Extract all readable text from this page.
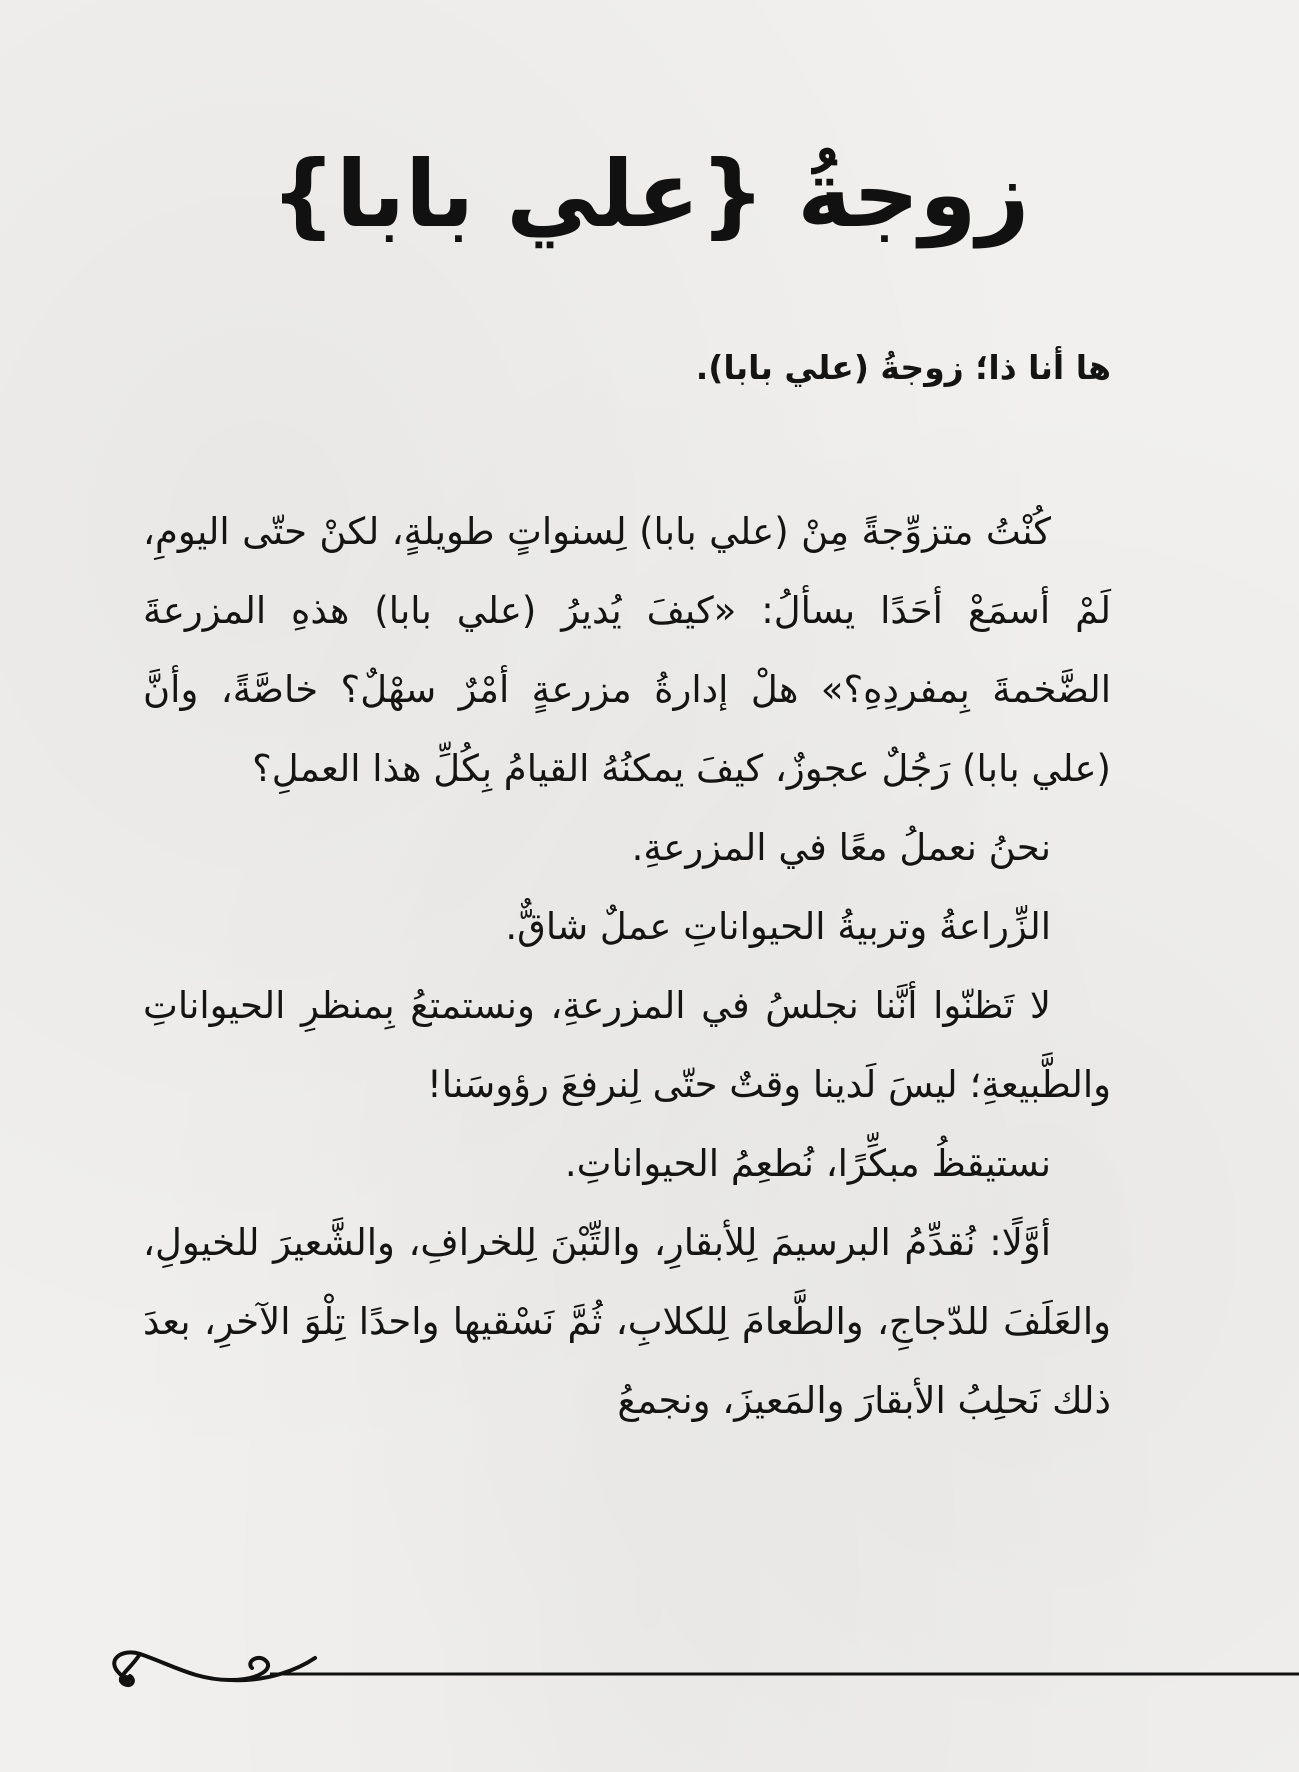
زوجةُ {علي بابا}

ها أنا ذا؛ زوجةُ (علي بابا).

كُنْتُ متزوِّجةً مِنْ (علي بابا) لِسنواتٍ طويلةٍ، لكنْ حتّى اليومِ، لَمْ أسمَعْ أحَدًا يسألُ: «كيفَ يُديرُ (علي بابا) هذهِ المزرعةَ الضَّخمةَ بِمفردِهِ؟» هلْ إدارةُ مزرعةٍ أمْرٌ سهْلٌ؟ خاصَّةً، وأنَّ (علي بابا) رَجُلٌ عجوزٌ، كيفَ يمكنُهُ القيامُ بِكُلِّ هذا العملِ؟

نحنُ نعملُ معًا في المزرعةِ.

الزِّراعةُ وتربيةُ الحيواناتِ عملٌ شاقٌّ.

لا تَظنّوا أنَّنا نجلسُ في المزرعةِ، ونستمتعُ بِمنظرِ الحيواناتِ والطَّبيعةِ؛ ليسَ لَدينا وقتٌ حتّى لِنرفعَ رؤوسَنا!

نستيقظُ مبكِّرًا، نُطعِمُ الحيواناتِ.

أوَّلًا: نُقدِّمُ البرسيمَ لِلأبقارِ، والتِّبْنَ لِلخرافِ، والشَّعيرَ للخيولِ، والعَلَفَ للدّجاجِ، والطَّعامَ لِلكلابِ، ثُمَّ نَسْقيها واحدًا تِلْوَ الآخرِ، بعدَ ذلك نَحلِبُ الأبقارَ والمَعيزَ، ونجمعُ
